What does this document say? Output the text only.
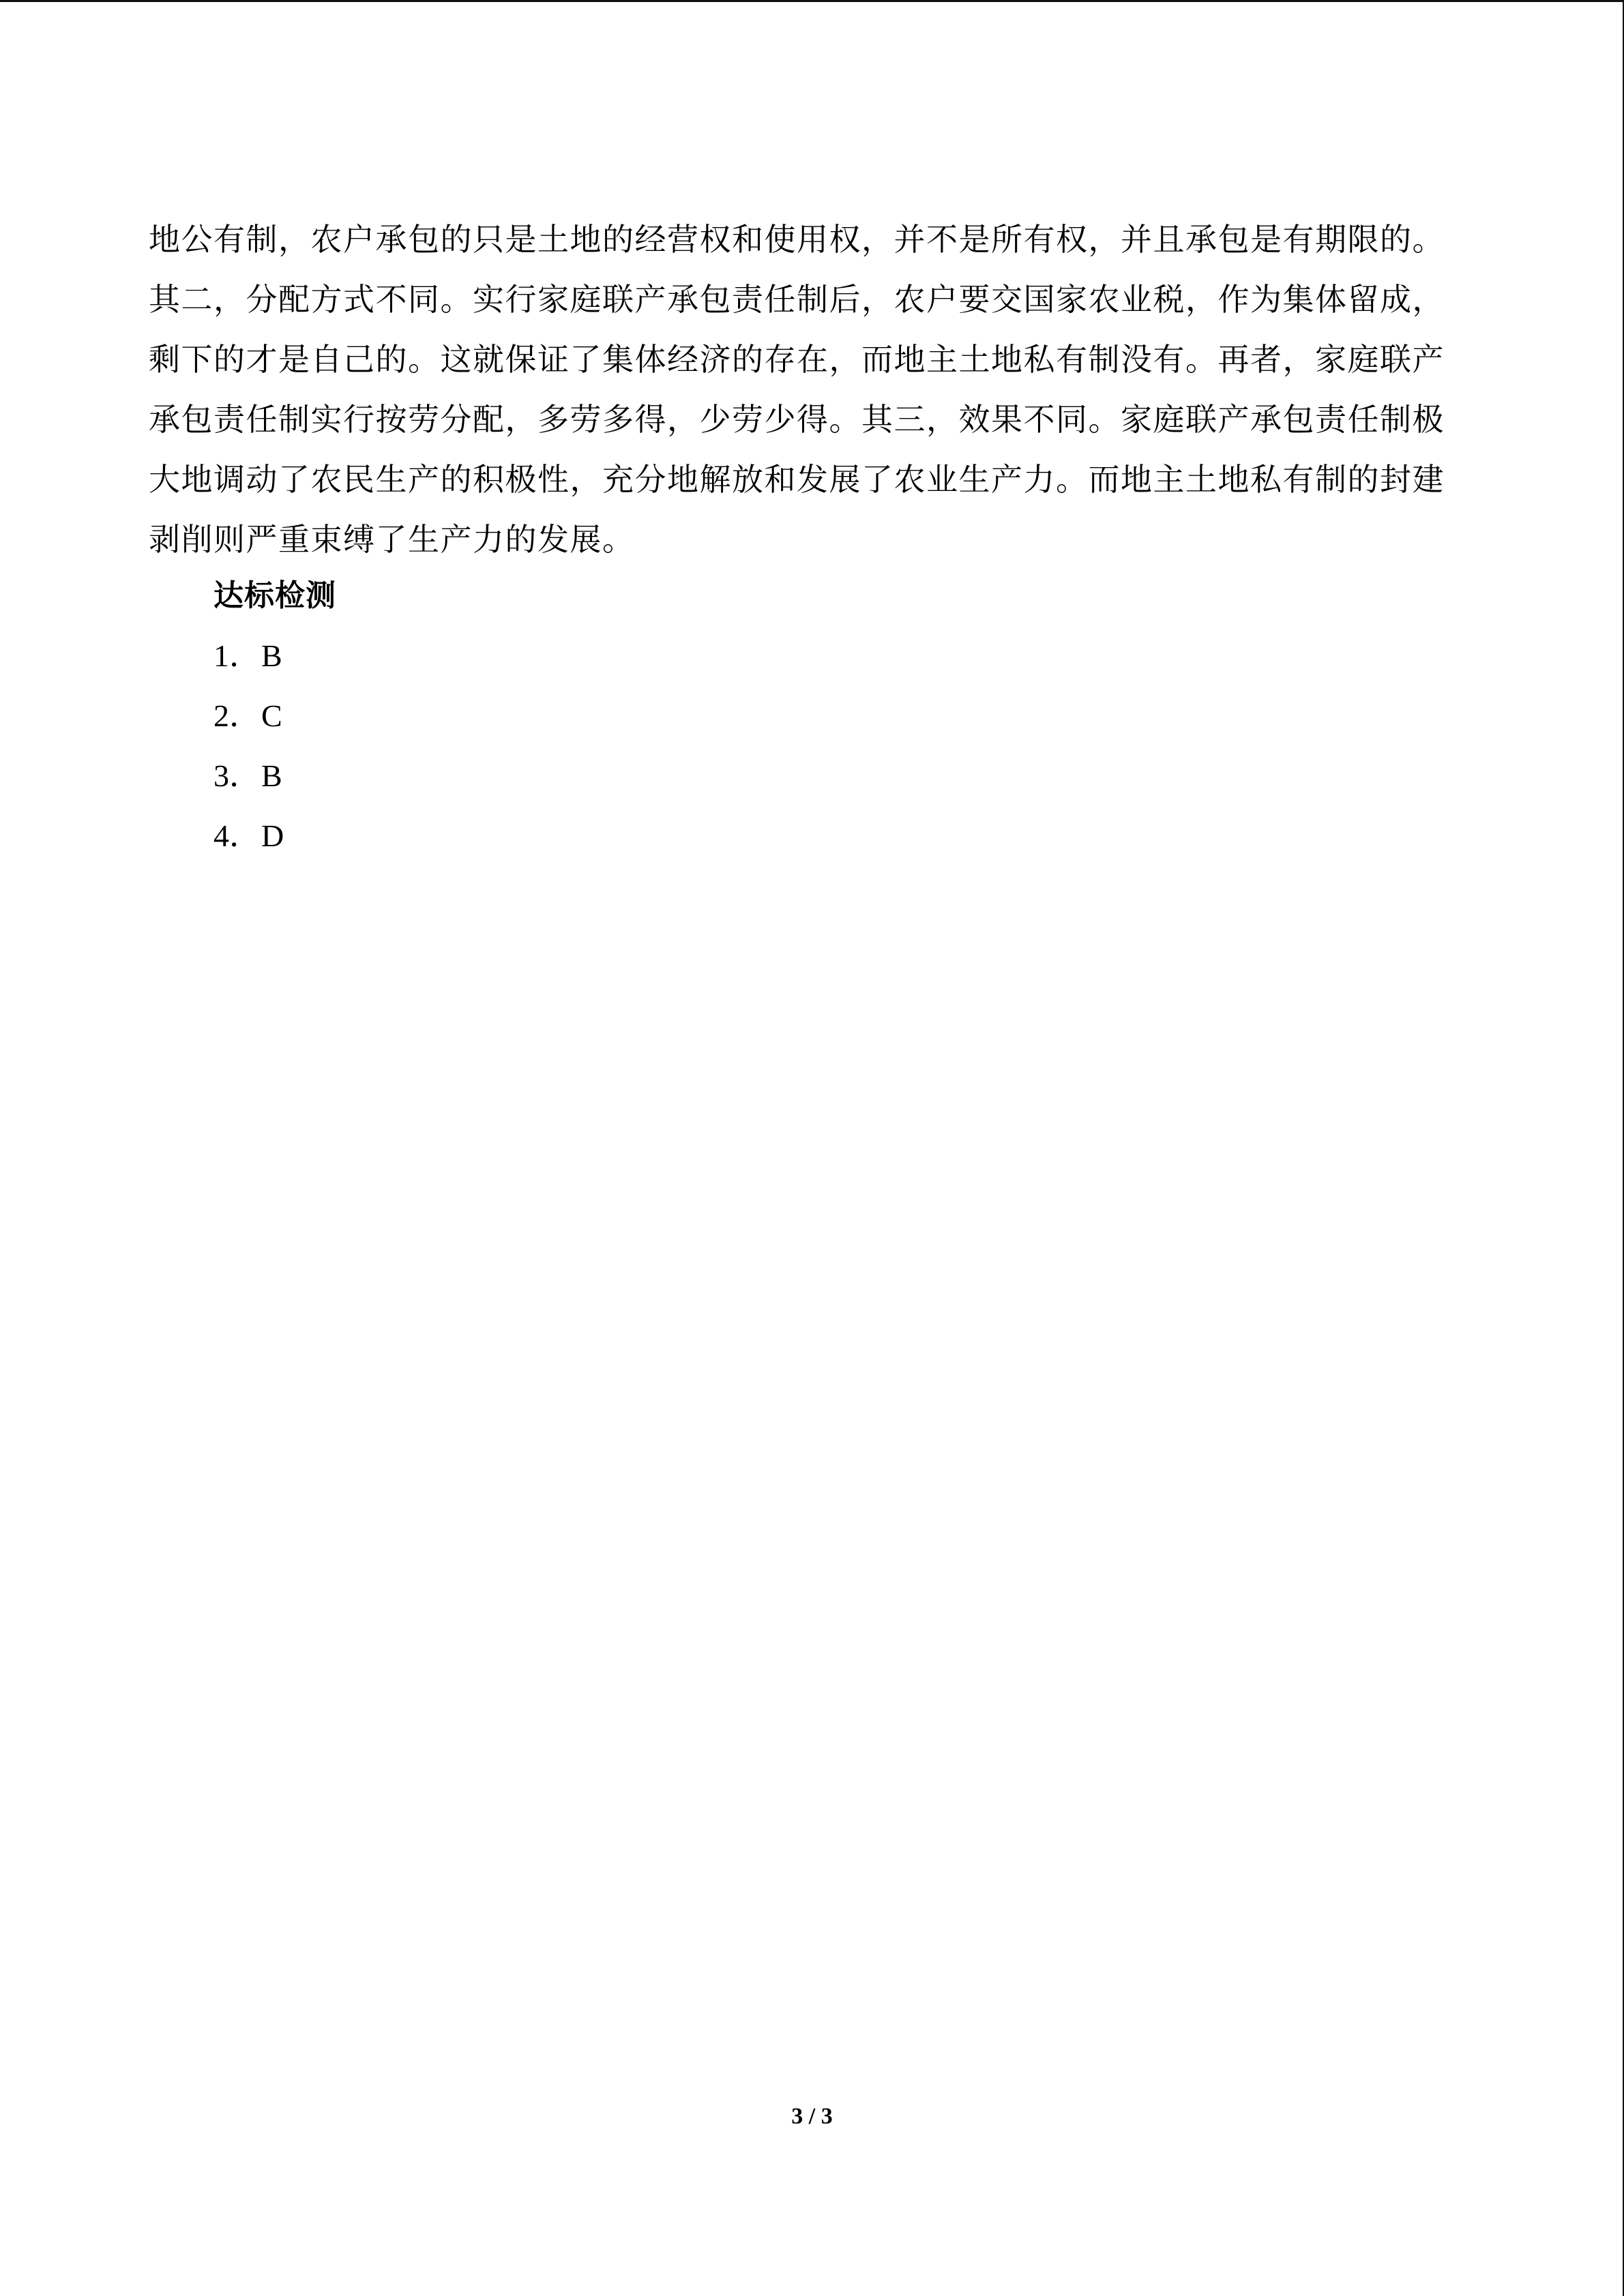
地公有制，农户承包的只是土地的经营权和使用权，并不是所有权，并且承包是有期限的。
其二，分配方式不同。实行家庭联产承包责任制后，农户要交国家农业税，作为集体留成，
剩下的才是自己的。这就保证了集体经济的存在，而地主土地私有制没有。再者，家庭联产
承包责任制实行按劳分配，多劳多得，少劳少得。其三，效果不同。家庭联产承包责任制极
大地调动了农民生产的积极性，充分地解放和发展了农业生产力。而地主土地私有制的封建
剥削则严重束缚了生产力的发展。
达标检测
1． B
2． C
3． B
4． D
3 / 3
